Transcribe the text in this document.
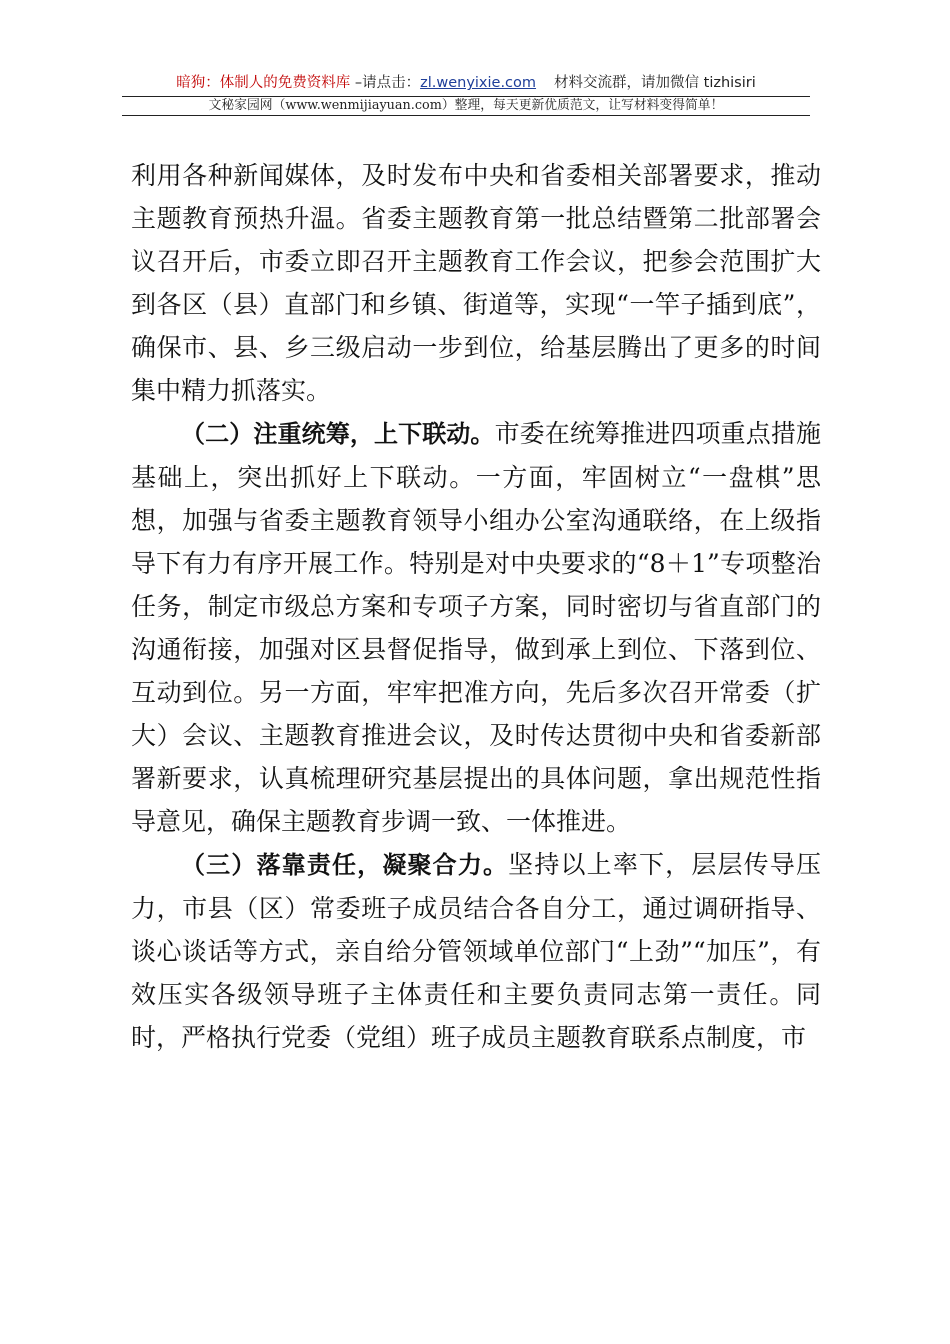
暗狗：体制人的免费资料库 –请点击：zl.wenyixie.com 材料交流群，请加微信 tizhisiri
文秘家园网（www.wenmijiayuan.com）整理，每天更新优质范文，让写材料变得简单！

利用各种新闻媒体，及时发布中央和省委相关部署要求，推动主题教育预热升温。省委主题教育第一批总结暨第二批部署会议召开后，市委立即召开主题教育工作会议，把参会范围扩大到各区（县）直部门和乡镇、街道等，实现“一竿子插到底”，确保市、县、乡三级启动一步到位，给基层腾出了更多的时间集中精力抓落实。

（二）注重统筹，上下联动。市委在统筹推进四项重点措施基础上，突出抓好上下联动。一方面，牢固树立“一盘棋”思想，加强与省委主题教育领导小组办公室沟通联络，在上级指导下有力有序开展工作。特别是对中央要求的“8＋1”专项整治任务，制定市级总方案和专项子方案，同时密切与省直部门的沟通衔接，加强对区县督促指导，做到承上到位、下落到位、互动到位。另一方面，牢牢把准方向，先后多次召开常委（扩大）会议、主题教育推进会议，及时传达贯彻中央和省委新部署新要求，认真梳理研究基层提出的具体问题，拿出规范性指导意见，确保主题教育步调一致、一体推进。

（三）落靠责任，凝聚合力。坚持以上率下，层层传导压力，市县（区）常委班子成员结合各自分工，通过调研指导、谈心谈话等方式，亲自给分管领域单位部门“上劲”“加压”，有效压实各级领导班子主体责任和主要负责同志第一责任。同时，严格执行党委（党组）班子成员主题教育联系点制度，市
